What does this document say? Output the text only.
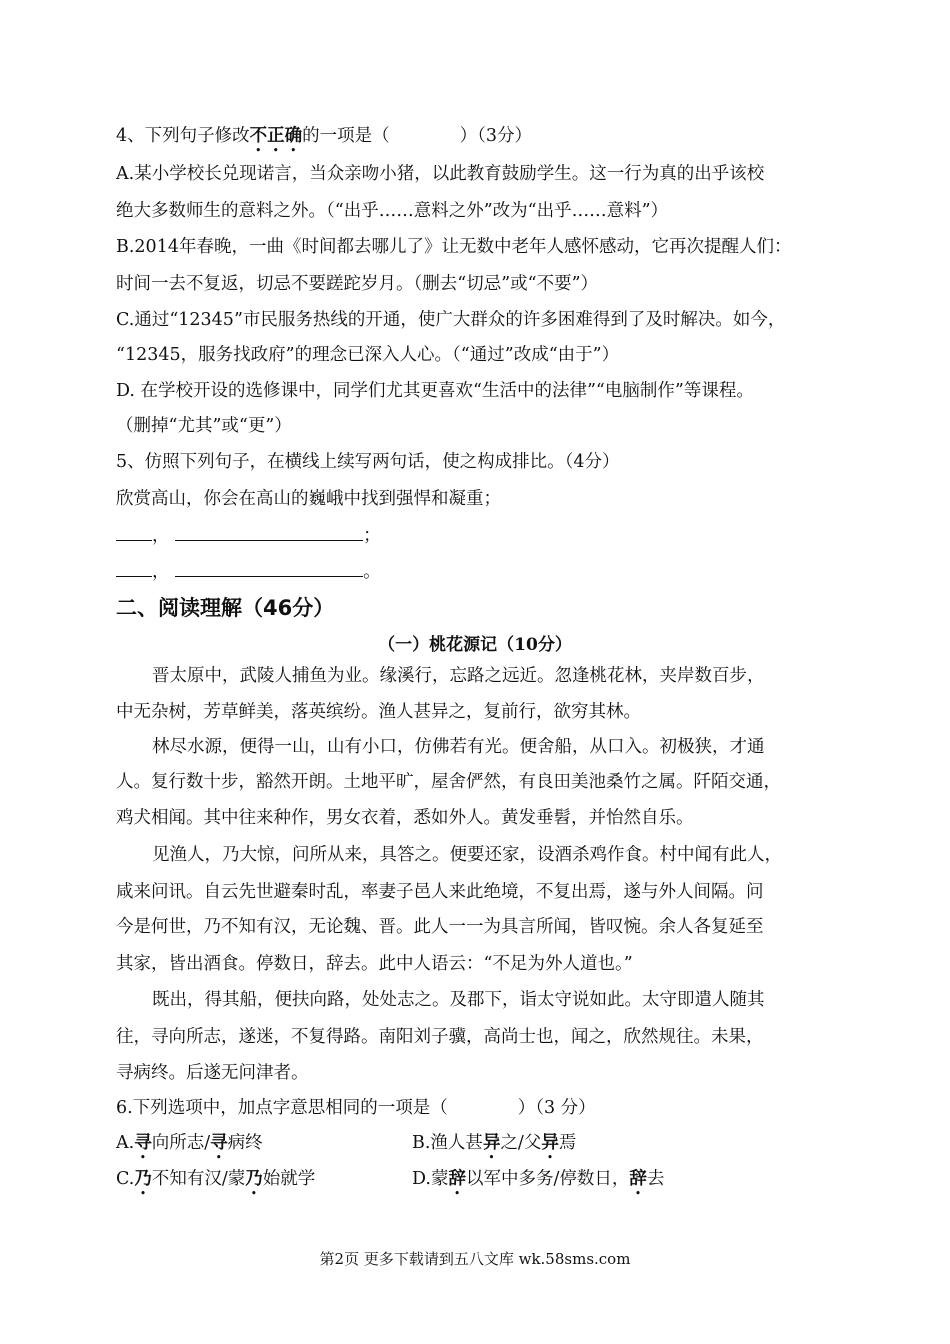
4、下列句子修改不正确的一项是（　　　　）（3分）
A.某小学校长兑现诺言，当众亲吻小猪，以此教育鼓励学生。这一行为真的出乎该校
绝大多数师生的意料之外。（“出乎……意料之外”改为“出乎……意料”）
B.2014年春晚，一曲《时间都去哪儿了》让无数中老年人感怀感动，它再次提醒人们：
时间一去不复返，切忌不要蹉跎岁月。（删去“切忌”或“不要”）
C.通过“12345”市民服务热线的开通，使广大群众的许多困难得到了及时解决。如今，
“12345，服务找政府”的理念已深入人心。（“通过”改成“由于”）
D. 在学校开设的选修课中，同学们尤其更喜欢“生活中的法律”“电脑制作”等课程。
（删掉“尤其”或“更”）
5、仿照下列句子，在横线上续写两句话，使之构成排比。（4分）
欣赏高山，你会在高山的巍峨中找到强悍和凝重；
，	；
，	。
二、阅读理解（46分）
（一）桃花源记（10分）
晋太原中，武陵人捕鱼为业。缘溪行，忘路之远近。忽逢桃花林，夹岸数百步，
中无杂树，芳草鲜美，落英缤纷。渔人甚异之，复前行，欲穷其林。
林尽水源，便得一山，山有小口，仿佛若有光。便舍船，从口入。初极狭，才通
人。复行数十步，豁然开朗。土地平旷，屋舍俨然，有良田美池桑竹之属。阡陌交通，
鸡犬相闻。其中往来种作，男女衣着，悉如外人。黄发垂髫，并怡然自乐。
见渔人，乃大惊，问所从来，具答之。便要还家，设酒杀鸡作食。村中闻有此人，
咸来问讯。自云先世避秦时乱，率妻子邑人来此绝境，不复出焉，遂与外人间隔。问
今是何世，乃不知有汉，无论魏、晋。此人一一为具言所闻，皆叹惋。余人各复延至
其家，皆出酒食。停数日，辞去。此中人语云：“不足为外人道也。”
既出，得其船，便扶向路，处处志之。及郡下，诣太守说如此。太守即遣人随其
往，寻向所志，遂迷，不复得路。南阳刘子骥，高尚士也，闻之，欣然规往。未果，
寻病终。后遂无问津者。
6.下列选项中，加点字意思相同的一项是（　　　　）（3 分）
A.寻向所志/寻病终	B.渔人甚异之/父异焉
C.乃不知有汉/蒙乃始就学	D.蒙辞以军中多务/停数日，辞去
第2页 更多下载请到五八文库 wk.58sms.com
